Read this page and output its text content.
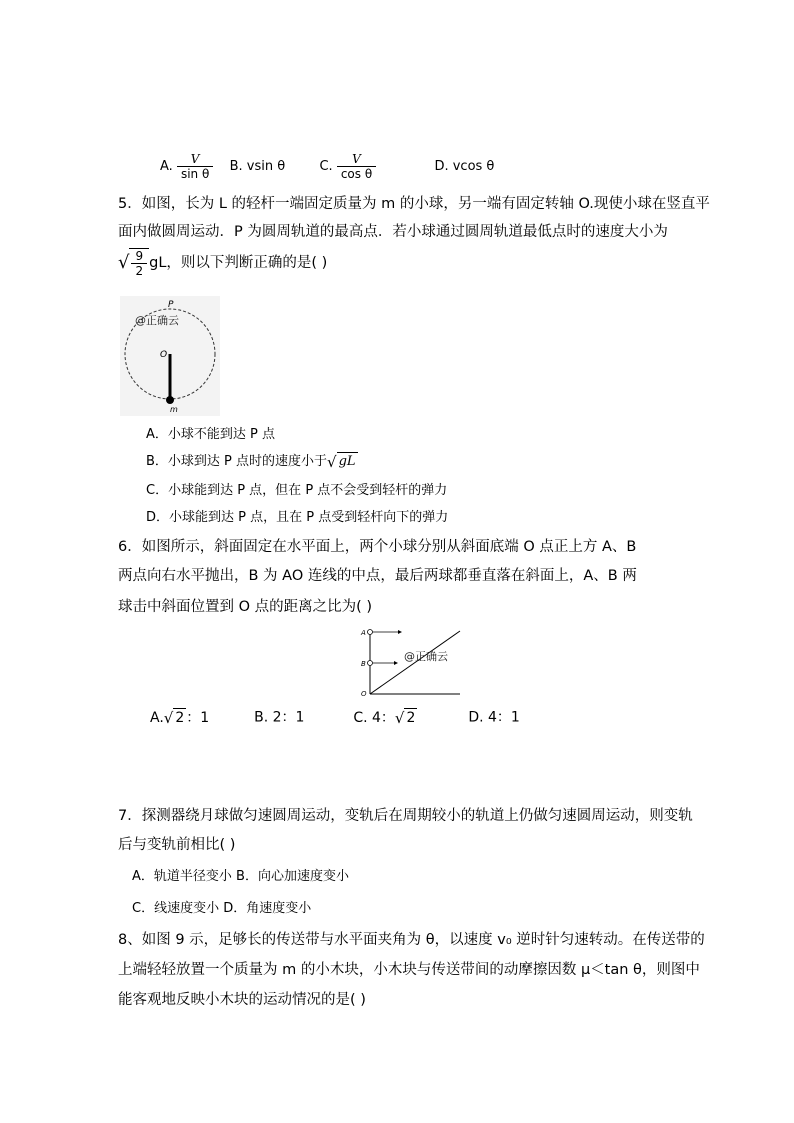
A. $\frac{V}{\text{sin θ}} B$. vsin θ	C. $\frac{V}{\text{cos θ}}$	D. vcos θ
5．如图，长为 L 的轻杆一端固定质量为 m 的小球，另一端有固定转轴 O.现使小球在竖直平
面内做圆周运动．P 为圆周轨道的最高点．若小球通过圆周轨道最低点时的速度大小为
√ $\frac{9}{2}$ gL，则以下判断正确的是( )
P
O
m
@正确云
A．小球不能到达 P 点
B．小球到达 P 点时的速度小于 √ gL
C．小球能到达 P 点，但在 P 点不会受到轻杆的弹力
D．小球能到达 P 点，且在 P 点受到轻杆向下的弹力
6．如图所示，斜面固定在水平面上，两个小球分别从斜面底端 O 点正上方 A、B
两点向右水平抛出，B 为 AO 连线的中点，最后两球都垂直落在斜面上，A、B 两
球击中斜面位置到 O 点的距离之比为( )
A
B
O
@正确云
A. √ 2 ：1	B. 2：1	C. 4： √ 2	D. 4：1
7．探测器绕月球做匀速圆周运动，变轨后在周期较小的轨道上仍做匀速圆周运动，则变轨
后与变轨前相比( )
A．轨道半径变小 B．向心加速度变小
C．线速度变小 D．角速度变小
8、如图 9 示，足够长的传送带与水平面夹角为 θ，以速度 v₀ 逆时针匀速转动。在传送带的
上端轻轻放置一个质量为 m 的小木块，小木块与传送带间的动摩擦因数 μ＜tan θ，则图中
能客观地反映小木块的运动情况的是( )
